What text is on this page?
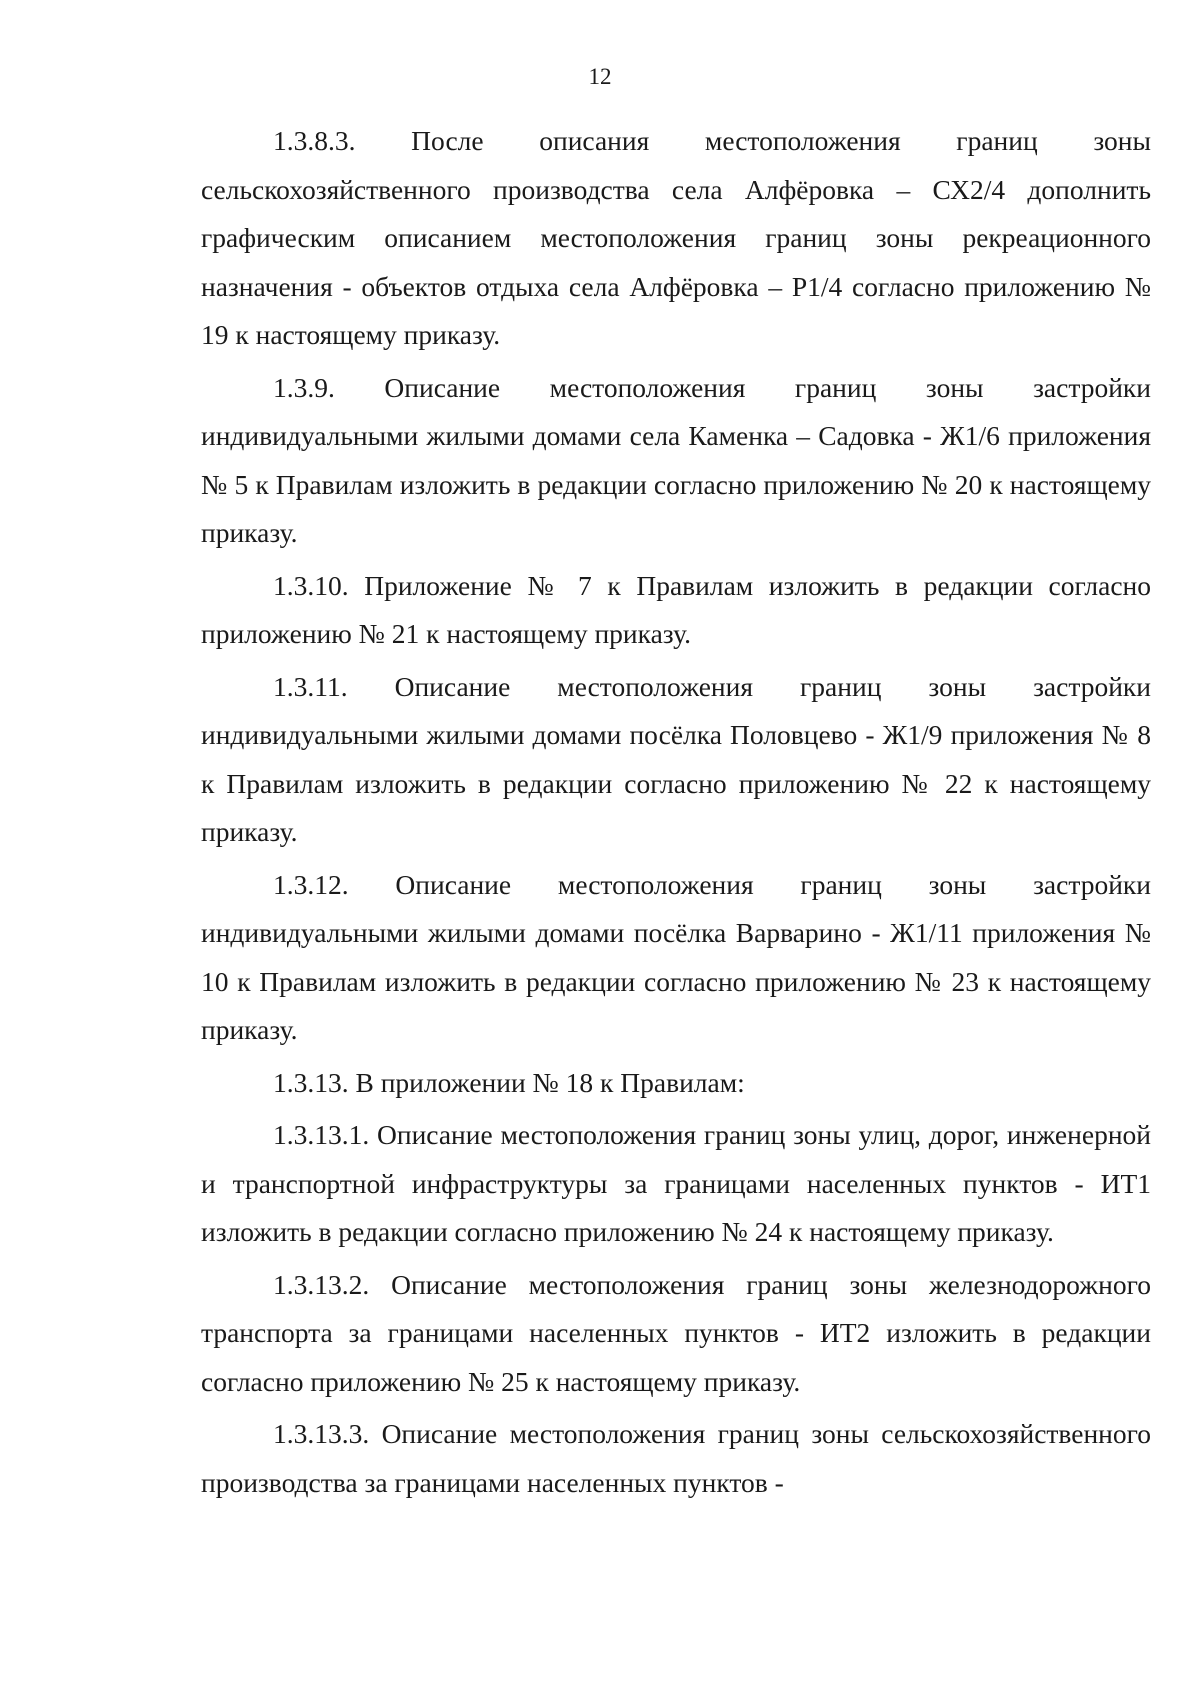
12

1.3.8.3. После описания местоположения границ зоны сельскохозяйственного производства села Алфёровка – СХ2/4 дополнить графическим описанием местоположения границ зоны рекреационного назначения - объектов отдыха села Алфёровка – Р1/4 согласно приложению № 19 к настоящему приказу.

1.3.9. Описание местоположения границ зоны застройки индивидуальными жилыми домами села Каменка – Садовка - Ж1/6 приложения № 5 к Правилам изложить в редакции согласно приложению № 20 к настоящему приказу.

1.3.10. Приложение № 7 к Правилам изложить в редакции согласно приложению № 21 к настоящему приказу.

1.3.11. Описание местоположения границ зоны застройки индивидуальными жилыми домами посёлка Половцево - Ж1/9 приложения № 8 к Правилам изложить в редакции согласно приложению № 22 к настоящему приказу.

1.3.12. Описание местоположения границ зоны застройки индивидуальными жилыми домами посёлка Варварино - Ж1/11 приложения № 10 к Правилам изложить в редакции согласно приложению № 23 к настоящему приказу.

1.3.13. В приложении № 18 к Правилам:

1.3.13.1. Описание местоположения границ зоны улиц, дорог, инженерной и транспортной инфраструктуры за границами населенных пунктов - ИТ1 изложить в редакции согласно приложению № 24 к настоящему приказу.

1.3.13.2. Описание местоположения границ зоны железнодорожного транспорта за границами населенных пунктов - ИТ2 изложить в редакции согласно приложению № 25 к настоящему приказу.

1.3.13.3. Описание местоположения границ зоны сельскохозяйственного производства за границами населенных пунктов -
